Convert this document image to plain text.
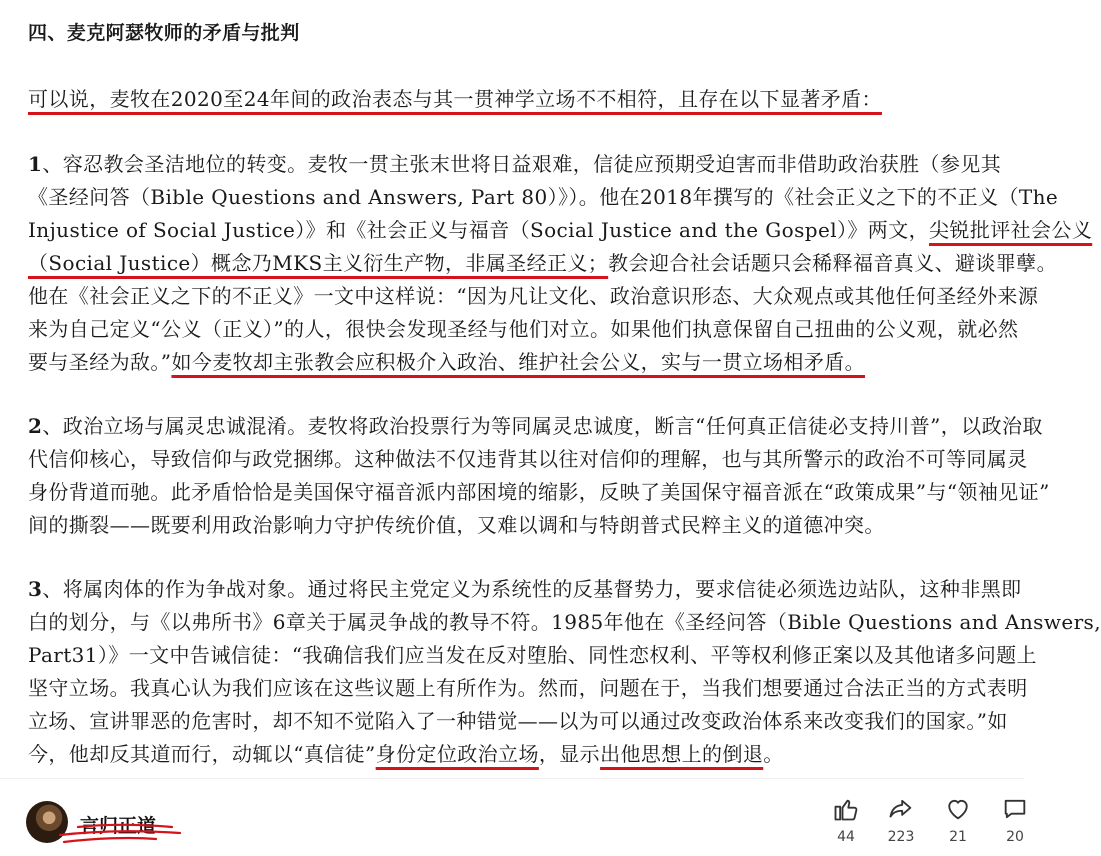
四、麦克阿瑟牧师的矛盾与批判
可以说，麦牧在2020至24年间的政治表态与其一贯神学立场不不相符，且存在以下显著矛盾：
1、容忍教会圣洁地位的转变。麦牧一贯主张末世将日益艰难，信徒应预期受迫害而非借助政治获胜（参见其
《圣经问答（Bible Questions and Answers, Part 80）》）。他在2018年撰写的《社会正义之下的不正义（The
Injustice of Social Justice）》和《社会正义与福音（Social Justice and the Gospel）》两文，尖锐批评社会公义
（Social Justice）概念乃MKS主义衍生产物，非属圣经正义；教会迎合社会话题只会稀释福音真义、避谈罪孽。
他在《社会正义之下的不正义》一文中这样说：“因为凡让文化、政治意识形态、大众观点或其他任何圣经外来源
来为自己定义“公义（正义）”的人，很快会发现圣经与他们对立。如果他们执意保留自己扭曲的公义观，就必然
要与圣经为敌。”如今麦牧却主张教会应积极介入政治、维护社会公义，实与一贯立场相矛盾。
2、政治立场与属灵忠诚混淆。麦牧将政治投票行为等同属灵忠诚度，断言“任何真正信徒必支持川普”，以政治取
代信仰核心，导致信仰与政党捆绑。这种做法不仅违背其以往对信仰的理解，也与其所警示的政治不可等同属灵
身份背道而驰。此矛盾恰恰是美国保守福音派内部困境的缩影，反映了美国保守福音派在“政策成果”与“领袖见证”
间的撕裂——既要利用政治影响力守护传统价值，又难以调和与特朗普式民粹主义的道德冲突。
3、将属肉体的作为争战对象。通过将民主党定义为系统性的反基督势力，要求信徒必须选边站队，这种非黑即
白的划分，与《以弗所书》6章关于属灵争战的教导不符。1985年他在《圣经问答（Bible Questions and Answers,
Part31）》一文中告诫信徒：“我确信我们应当发在反对堕胎、同性恋权利、平等权利修正案以及其他诸多问题上
坚守立场。我真心认为我们应该在这些议题上有所作为。然而，问题在于，当我们想要通过合法正当的方式表明
立场、宣讲罪恶的危害时，却不知不觉陷入了一种错觉——以为可以通过改变政治体系来改变我们的国家。”如
今，他却反其道而行，动辄以“真信徒”身份定位政治立场，显示出他思想上的倒退。
言归正道	44	223	21	20
